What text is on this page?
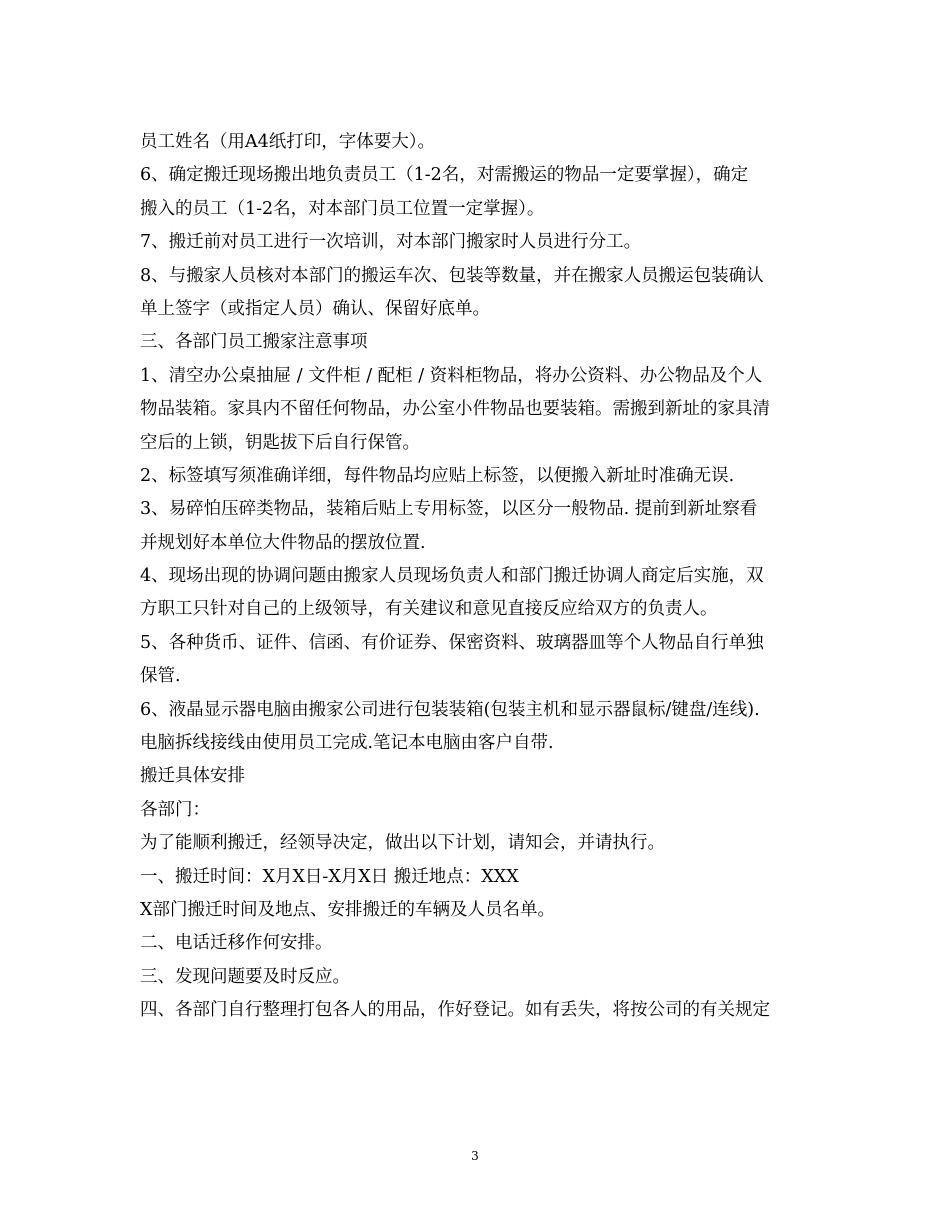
员工姓名（用A4纸打印，字体要大）。
6、确定搬迁现场搬出地负责员工（1-2名，对需搬运的物品一定要掌握），确定
搬入的员工（1-2名，对本部门员工位置一定掌握）。
7、搬迁前对员工进行一次培训，对本部门搬家时人员进行分工。
8、与搬家人员核对本部门的搬运车次、包装等数量，并在搬家人员搬运包装确认
单上签字（或指定人员）确认、保留好底单。
三、各部门员工搬家注意事项
1、清空办公桌抽屉 / 文件柜 / 配柜 / 资料柜物品，将办公资料、办公物品及个人
物品装箱。家具内不留任何物品，办公室小件物品也要装箱。需搬到新址的家具清
空后的上锁，钥匙拔下后自行保管。
2、标签填写须准确详细，每件物品均应贴上标签，以便搬入新址时准确无误.
3、易碎怕压碎类物品，装箱后贴上专用标签，以区分一般物品. 提前到新址察看
并规划好本单位大件物品的摆放位置.
4、现场出现的协调问题由搬家人员现场负责人和部门搬迁协调人商定后实施，双
方职工只针对自己的上级领导，有关建议和意见直接反应给双方的负责人。
5、各种货币、证件、信函、有价证券、保密资料、玻璃器皿等个人物品自行单独
保管.
6、液晶显示器电脑由搬家公司进行包装装箱(包装主机和显示器鼠标/键盘/连线).
电脑拆线接线由使用员工完成.笔记本电脑由客户自带.
搬迁具体安排
各部门：
为了能顺利搬迁，经领导决定，做出以下计划，请知会，并请执行。
一、搬迁时间：X月X日-X月X日 搬迁地点：XXX
X部门搬迁时间及地点、安排搬迁的车辆及人员名单。
二、电话迁移作何安排。
三、发现问题要及时反应。
四、各部门自行整理打包各人的用品，作好登记。如有丢失，将按公司的有关规定
3
